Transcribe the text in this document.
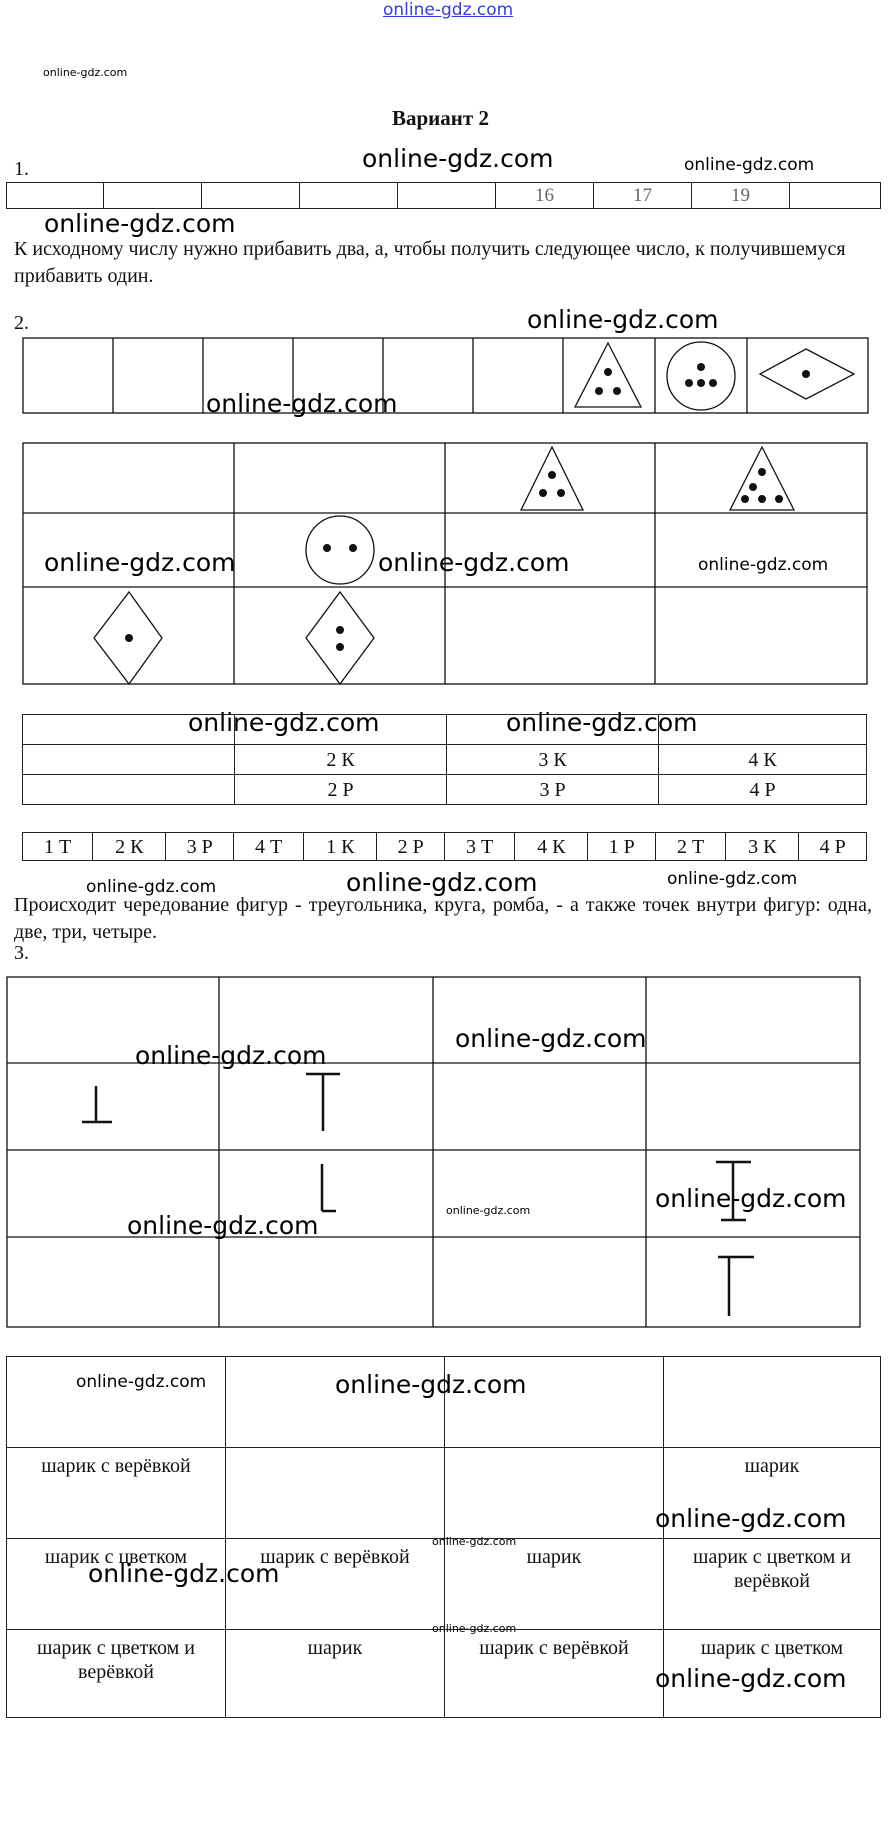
online-gdz.com
online-gdz.com
Вариант 2
1.	online-gdz.com	online-gdz.com
					16	17	19	
online-gdz.com
К исходному числу нужно прибавить два, а, чтобы получить следующее число, к получившемуся прибавить один.
2.	online-gdz.com
online-gdz.com
online-gdz.com	online-gdz.com	online-gdz.com

	2 К	3 К	4 К
	2 Р	3 Р	4 Р
online-gdz.com	online-gdz.com
1 Т	2 К	3 Р	4 Т	1 К	2 Р	3 Т	4 К	1 Р	2 Т	3 К	4 Р
online-gdz.com	online-gdz.com	online-gdz.com
Происходит чередование фигур - треугольника, круга, ромба, - а также точек внутри фигур: одна, две, три, четыре.
3.
online-gdz.com
online-gdz.com
online-gdz.com
online-gdz.com
online-gdz.com

шарик с верёвкой			шарик
шарик с цветком	шарик с верёвкой	шарик	шарик с цветком и верёвкой
шарик с цветком и верёвкой	шарик	шарик с верёвкой	шарик с цветком
online-gdz.com	online-gdz.com
online-gdz.com
online-gdz.com
online-gdz.com
online-gdz.com
online-gdz.com
